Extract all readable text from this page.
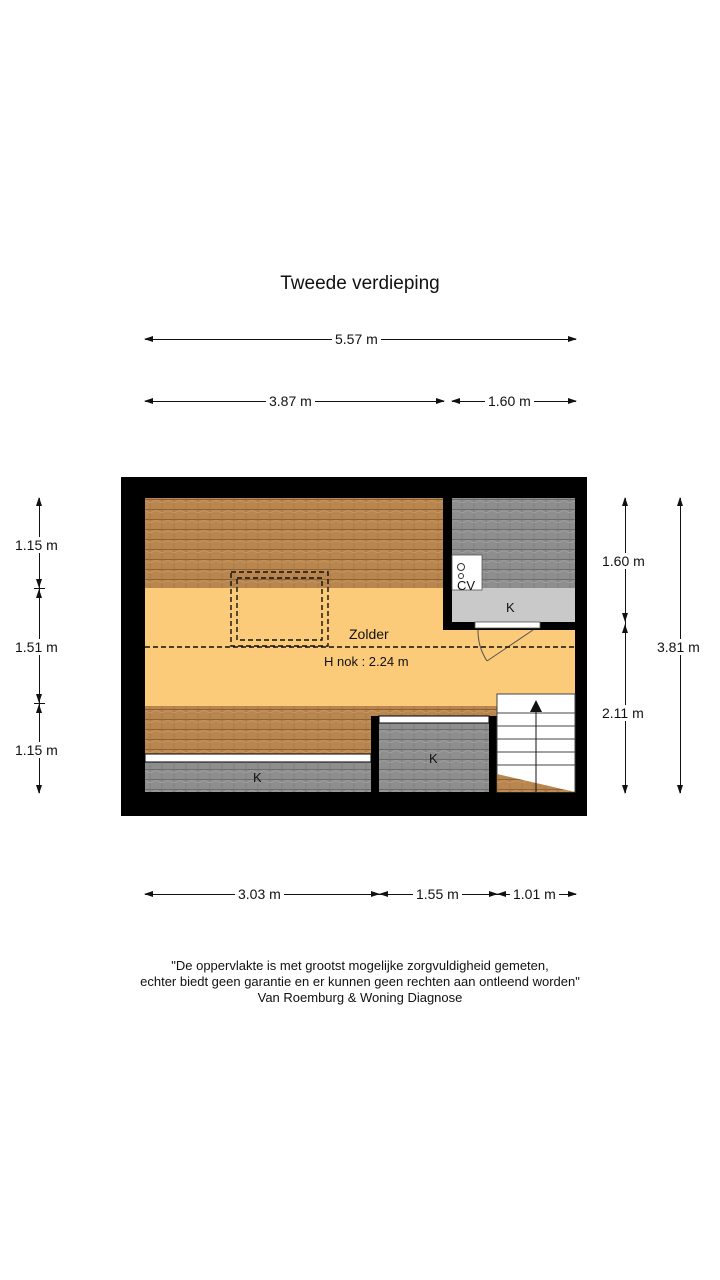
Tweede verdieping
5.57 m
3.87 m	1.60 m
CV
K
Zolder
H nok : 2.24 m
K
K
1.15 m
1.51 m
1.15 m
1.60 m
2.11 m
3.81 m
3.03 m	1.55 m	1.01 m
"De oppervlakte is met grootst mogelijke zorgvuldigheid gemeten,
echter biedt geen garantie en er kunnen geen rechten aan ontleend worden"
Van Roemburg & Woning Diagnose
